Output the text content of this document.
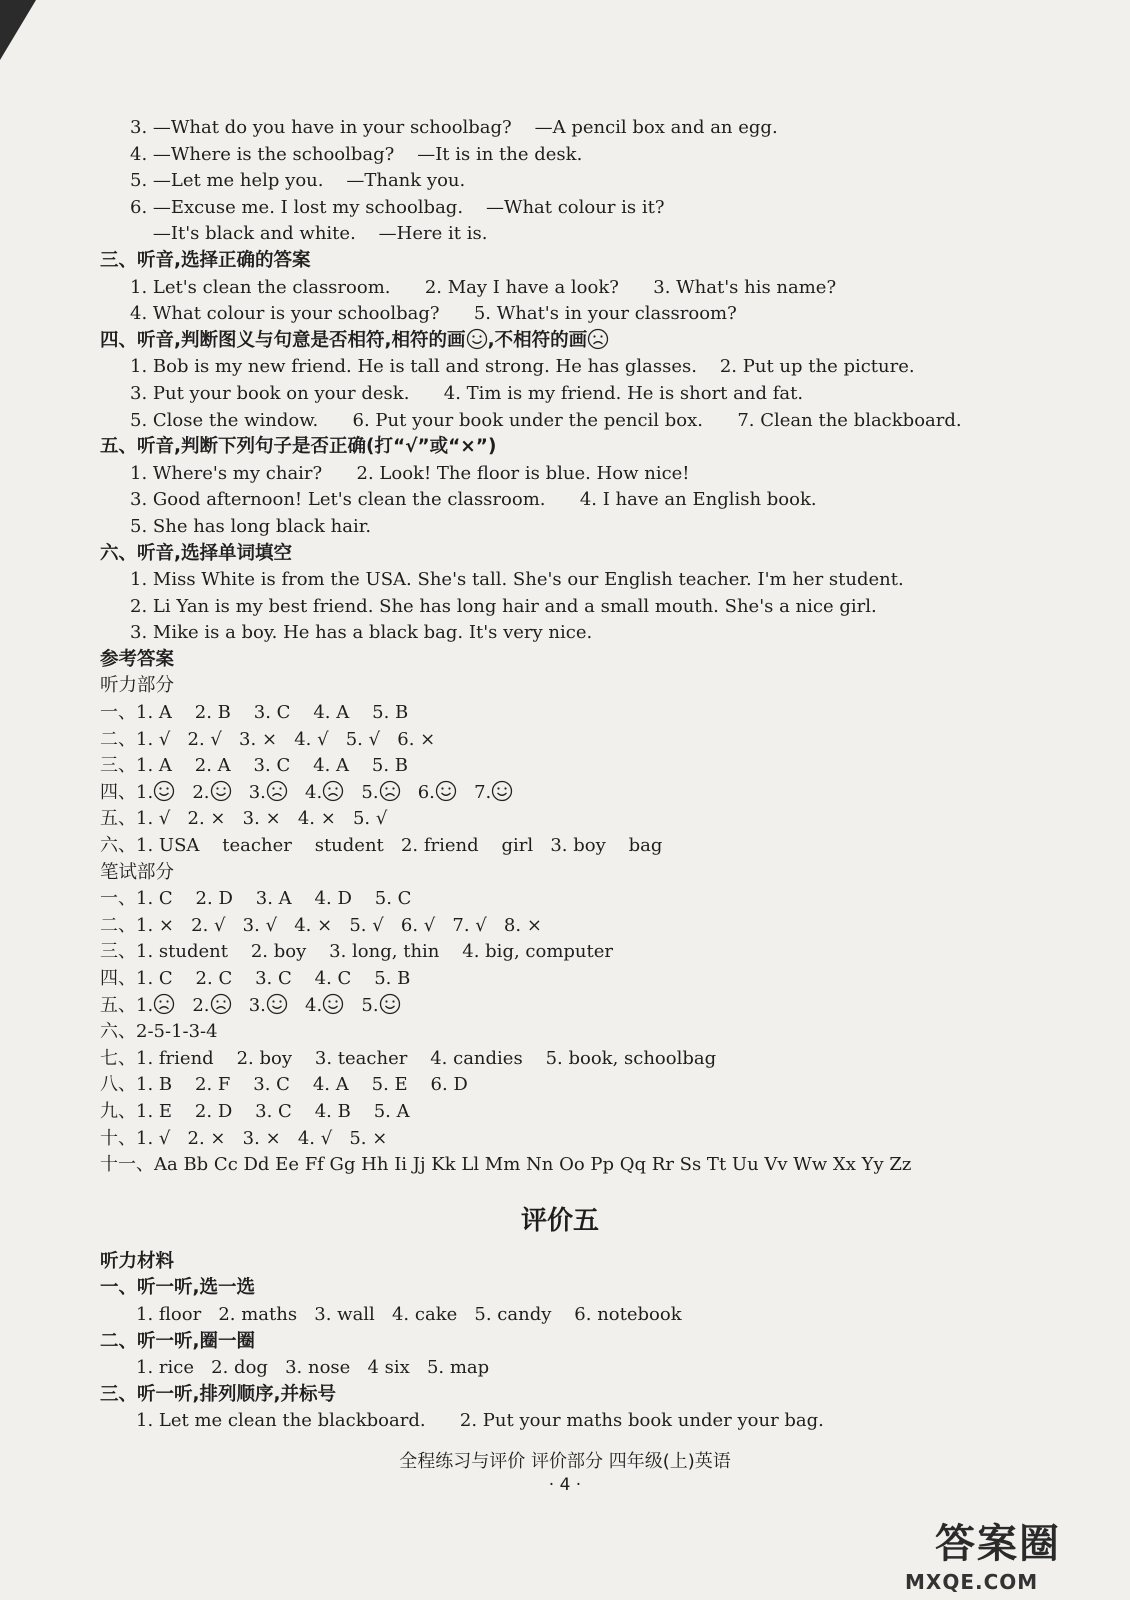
3. —What do you have in your schoolbag?    —A pencil box and an egg.
4. —Where is the schoolbag?    —It is in the desk.
5. —Let me help you.    —Thank you.
6. —Excuse me. I lost my schoolbag.    —What colour is it?
—It's black and white.    —Here it is.
三、听音,选择正确的答案
1. Let's clean the classroom.      2. May I have a look?      3. What's his name?
4. What colour is your schoolbag?      5. What's in your classroom?
四、听音,判断图义与句意是否相符,相符的画 ,不相符的画
1. Bob is my new friend. He is tall and strong. He has glasses.    2. Put up the picture.
3. Put your book on your desk.      4. Tim is my friend. He is short and fat.
5. Close the window.      6. Put your book under the pencil box.      7. Clean the blackboard.
五、听音,判断下列句子是否正确(打“√”或“×”)
1. Where's my chair?      2. Look! The floor is blue. How nice!
3. Good afternoon! Let's clean the classroom.      4. I have an English book.
5. She has long black hair.
六、听音,选择单词填空
1. Miss White is from the USA. She's tall. She's our English teacher. I'm her student.
2. Li Yan is my best friend. She has long hair and a small mouth. She's a nice girl.
3. Mike is a boy. He has a black bag. It's very nice.
参考答案
听力部分
一、1. A    2. B    3. C    4. A    5. B
二、1. √   2. √   3. ×   4. √   5. √   6. ×
三、1. A    2. A    3. C    4. A    5. B
四、1.   2.   3.   4.   5.   6.   7.
五、1. √   2. ×   3. ×   4. ×   5. √
六、1. USA    teacher    student   2. friend    girl   3. boy    bag
笔试部分
一、1. C    2. D    3. A    4. D    5. C
二、1. ×   2. √   3. √   4. ×   5. √   6. √   7. √   8. ×
三、1. student    2. boy    3. long, thin    4. big, computer
四、1. C    2. C    3. C    4. C    5. B
五、1.   2.   3.   4.   5.
六、2-5-1-3-4
七、1. friend    2. boy    3. teacher    4. candies    5. book, schoolbag
八、1. B    2. F    3. C    4. A    5. E    6. D
九、1. E    2. D    3. C    4. B    5. A
十、1. √   2. ×   3. ×   4. √   5. ×
十一、Aa Bb Cc Dd Ee Ff Gg Hh Ii Jj Kk Ll Mm Nn Oo Pp Qq Rr Ss Tt Uu Vv Ww Xx Yy Zz
评价五
听力材料
一、听一听,选一选
1. floor   2. maths   3. wall   4. cake   5. candy    6. notebook
二、听一听,圈一圈
1. rice   2. dog   3. nose   4 six   5. map
三、听一听,排列顺序,并标号
1. Let me clean the blackboard.      2. Put your maths book under your bag.
全程练习与评价 评价部分 四年级(上)英语
· 4 ·
答案圈
MXQE.COM
